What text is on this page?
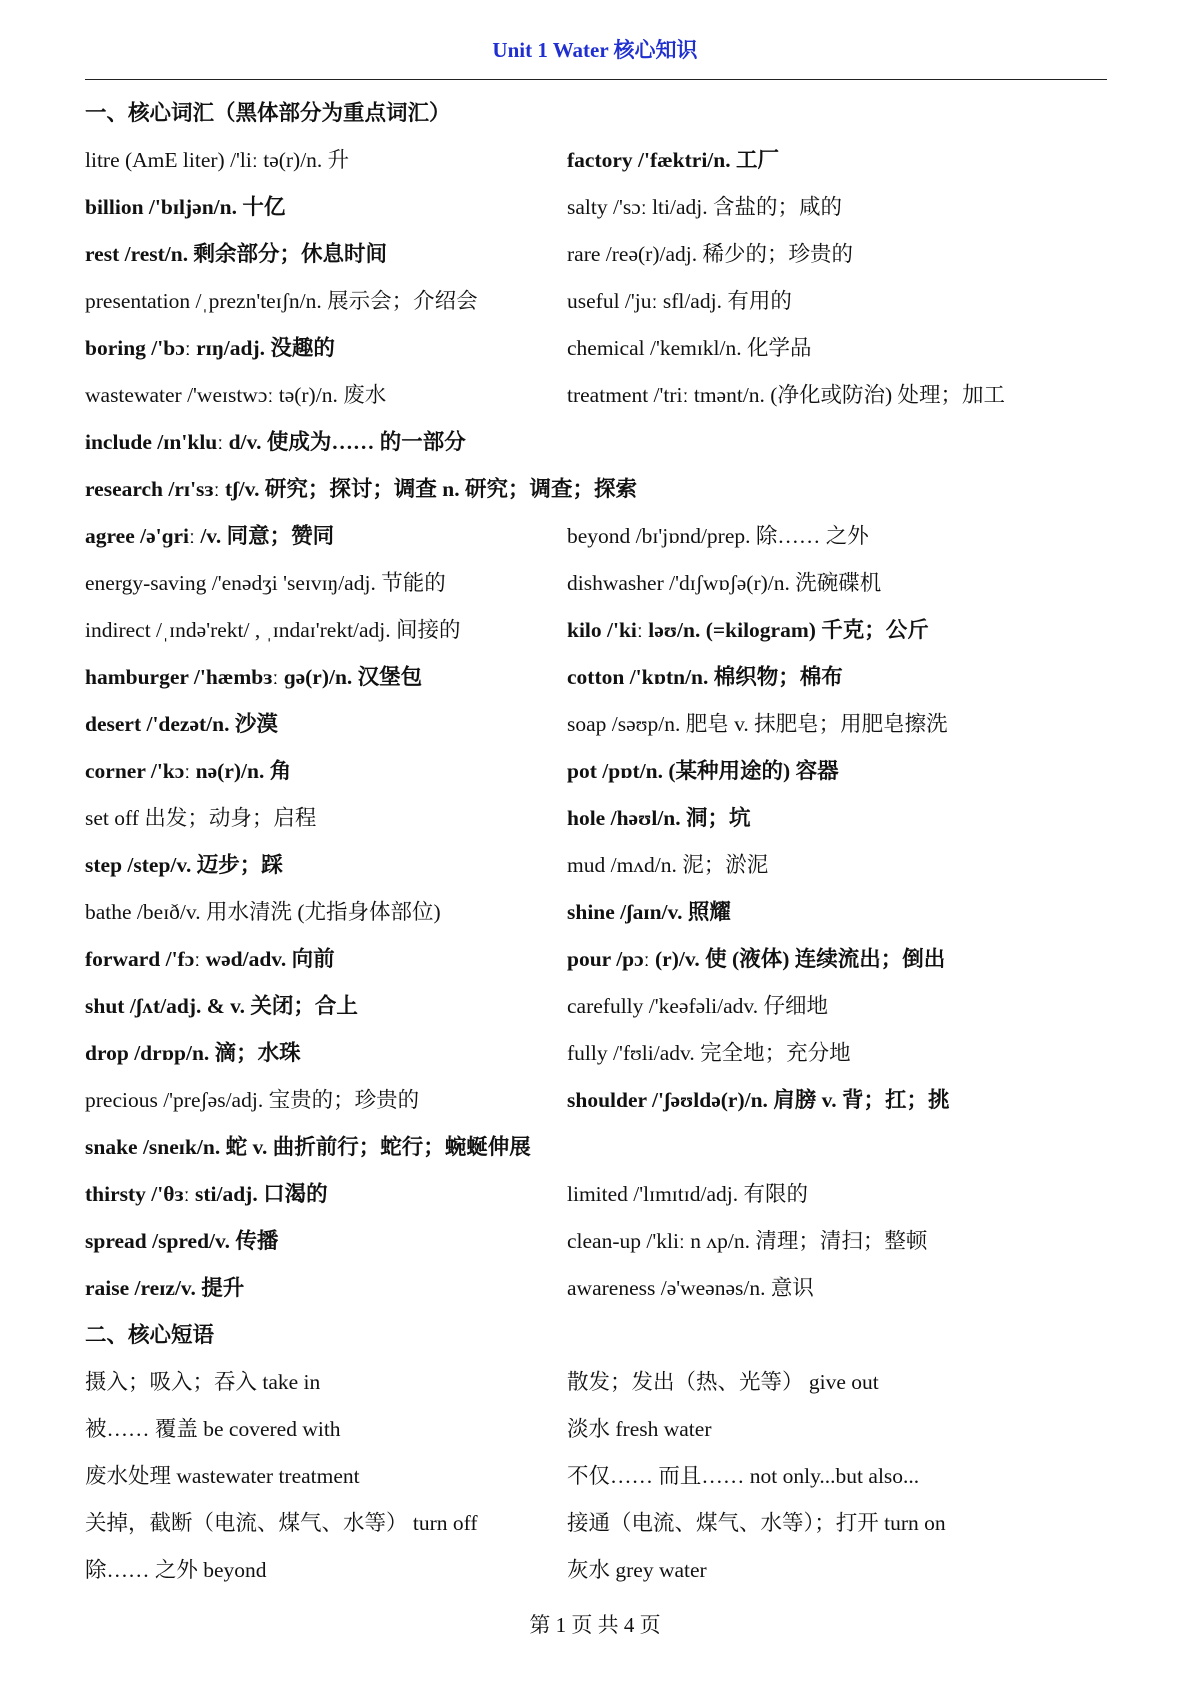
Unit 1 Water 核心知识
一、核心词汇（黑体部分为重点词汇）
litre (AmE liter) /'liː tə(r)/n. 升	factory /'fæktri/n. 工厂
billion /'bɪljən/n. 十亿	salty /'sɔː lti/adj. 含盐的；咸的
rest /rest/n. 剩余部分；休息时间	rare /reə(r)/adj. 稀少的；珍贵的
presentation /ˌprezn'teɪʃn/n. 展示会；介绍会	useful /'juː sfl/adj. 有用的
boring /'bɔː rɪŋ/adj. 没趣的	chemical /'kemɪkl/n. 化学品
wastewater /'weɪstwɔː tə(r)/n. 废水	treatment /'triː tmənt/n. (净化或防治) 处理；加工
include /ɪn'kluː d/v. 使成为…… 的一部分
research /rɪ'sɜː tʃ/v. 研究；探讨；调查 n. 研究；调查；探索
agree /ə'ɡriː /v. 同意；赞同	beyond /bɪ'jɒnd/prep. 除…… 之外
energy-saving /'enədʒi 'seɪvɪŋ/adj. 节能的	dishwasher /'dɪʃwɒʃə(r)/n. 洗碗碟机
indirect /ˌɪndə'rekt/ , ˌɪndaɪ'rekt/adj. 间接的	kilo /'kiː ləʊ/n. (=kilogram) 千克；公斤
hamburger /'hæmbɜː ɡə(r)/n. 汉堡包	cotton /'kɒtn/n. 棉织物；棉布
desert /'dezət/n. 沙漠	soap /səʊp/n. 肥皂 v. 抹肥皂；用肥皂擦洗
corner /'kɔː nə(r)/n. 角	pot /pɒt/n. (某种用途的) 容器
set off 出发；动身；启程	hole /həʊl/n. 洞；坑
step /step/v. 迈步；踩	mud /mʌd/n. 泥；淤泥
bathe /beɪð/v. 用水清洗 (尤指身体部位)	shine /ʃaɪn/v. 照耀
forward /'fɔː wəd/adv. 向前	pour /pɔː (r)/v. 使 (液体) 连续流出；倒出
shut /ʃʌt/adj. & v. 关闭；合上	carefully /'keəfəli/adv. 仔细地
drop /drɒp/n. 滴；水珠	fully /'fʊli/adv. 完全地；充分地
precious /'preʃəs/adj. 宝贵的；珍贵的	shoulder /'ʃəʊldə(r)/n. 肩膀 v. 背；扛；挑
snake /sneɪk/n. 蛇 v. 曲折前行；蛇行；蜿蜒伸展
thirsty /'θɜː sti/adj. 口渴的	limited /'lɪmɪtɪd/adj. 有限的
spread /spred/v. 传播	clean-up /'kliː n ʌp/n. 清理；清扫；整顿
raise /reɪz/v. 提升	awareness /ə'weənəs/n. 意识
二、核心短语
摄入；吸入；吞入 take in	散发；发出（热、光等） give out
被…… 覆盖 be covered with	淡水 fresh water
废水处理 wastewater treatment	不仅…… 而且…… not only...but also...
关掉，截断（电流、煤气、水等） turn off	接通（电流、煤气、水等）；打开 turn on
除…… 之外 beyond	灰水 grey water
第 1 页 共 4 页
